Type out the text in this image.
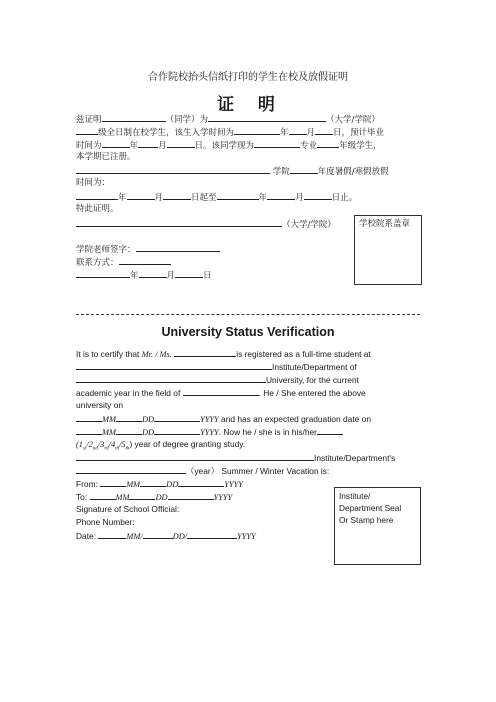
合作院校抬头信纸打印的学生在校及放假证明
证  明
兹证明	（同学）为	（大学/学院）
级全日制在校学生，该生入学时间为	年 月 日，预计毕业
时间为	年 月	日。该同学现为	专业	年级学生，
本学期已注册。
学院	年度暑假/寒假放假
时间为：
年	月	日起至	年	月	日止。
特此证明。
（大学/学院）	学校院系盖章
学院老师签字：
联系方式：
年	月	日
University Status Verification
It is to certify that Mr. / Ms.	is registered as a full-time student at
Institute/Department of
University, for the current
academic year in the field of	. He / She entered the above
university on
MM	DD	YYYY and has an expected graduation date on
MM	DD	YYYY. Now he / she is in his/her
$(1_{st}/2_{nd}/3_{rd}/4_{th}/5_{th})$ year of degree granting study.
Institute/Department's
（year） Summer / Winter Vacation is:
From:	MM	DD	YYYY
To:	MM	DD	YYYY
Signature of School Official:
Phone Number:
Date:	MM/	DD/	YYYY
Institute/
Department Seal
Or Stamp here
